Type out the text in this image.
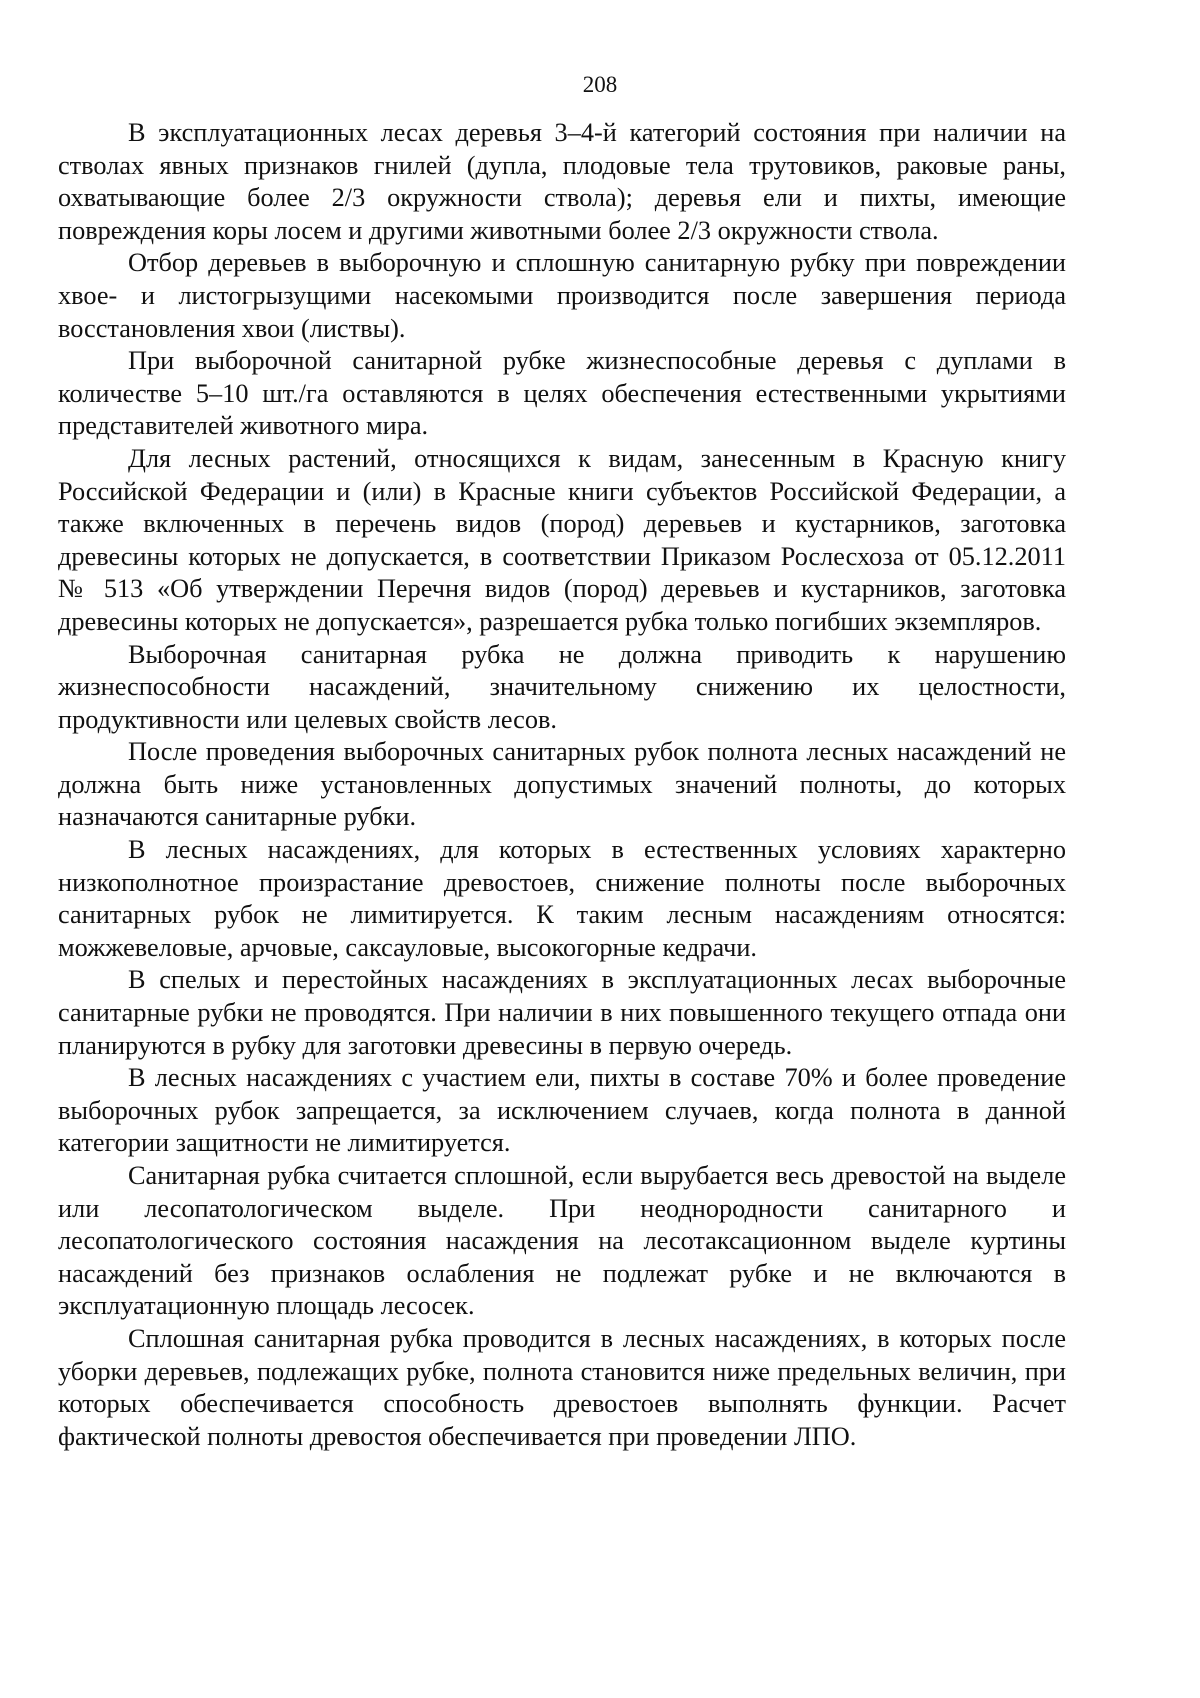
208

В эксплуатационных лесах деревья 3–4-й категорий состояния при наличии на стволах явных признаков гнилей (дупла, плодовые тела трутовиков, раковые раны, охватывающие более 2/3 окружности ствола); деревья ели и пихты, имеющие повреждения коры лосем и другими животными более 2/3 окружности ствола.

Отбор деревьев в выборочную и сплошную санитарную рубку при повреждении хвое- и листогрызущими насекомыми производится после завершения периода восстановления хвои (листвы).

При выборочной санитарной рубке жизнеспособные деревья с дуплами в количестве 5–10 шт./га оставляются в целях обеспечения естественными укрытиями представителей животного мира.

Для лесных растений, относящихся к видам, занесенным в Красную книгу Российской Федерации и (или) в Красные книги субъектов Российской Федерации, а также включенных в перечень видов (пород) деревьев и кустарников, заготовка древесины которых не допускается, в соответствии Приказом Рослесхоза от 05.12.2011 № 513 «Об утверждении Перечня видов (пород) деревьев и кустарников, заготовка древесины которых не допускается», разрешается рубка только погибших экземпляров.

Выборочная санитарная рубка не должна приводить к нарушению жизнеспособности насаждений, значительному снижению их целостности, продуктивности или целевых свойств лесов.

После проведения выборочных санитарных рубок полнота лесных насаждений не должна быть ниже установленных допустимых значений полноты, до которых назначаются санитарные рубки.

В лесных насаждениях, для которых в естественных условиях характерно низкополнотное произрастание древостоев, снижение полноты после выборочных санитарных рубок не лимитируется. К таким лесным насаждениям относятся: можжевеловые, арчовые, саксауловые, высокогорные кедрачи.

В спелых и перестойных насаждениях в эксплуатационных лесах выборочные санитарные рубки не проводятся. При наличии в них повышенного текущего отпада они планируются в рубку для заготовки древесины в первую очередь.

В лесных насаждениях с участием ели, пихты в составе 70% и более проведение выборочных рубок запрещается, за исключением случаев, когда полнота в данной категории защитности не лимитируется.

Санитарная рубка считается сплошной, если вырубается весь древостой на выделе или лесопатологическом выделе. При неоднородности санитарного и лесопатологического состояния насаждения на лесотаксационном выделе куртины насаждений без признаков ослабления не подлежат рубке и не включаются в эксплуатационную площадь лесосек.

Сплошная санитарная рубка проводится в лесных насаждениях, в которых после уборки деревьев, подлежащих рубке, полнота становится ниже предельных величин, при которых обеспечивается способность древостоев выполнять функции. Расчет фактической полноты древостоя обеспечивается при проведении ЛПО.
